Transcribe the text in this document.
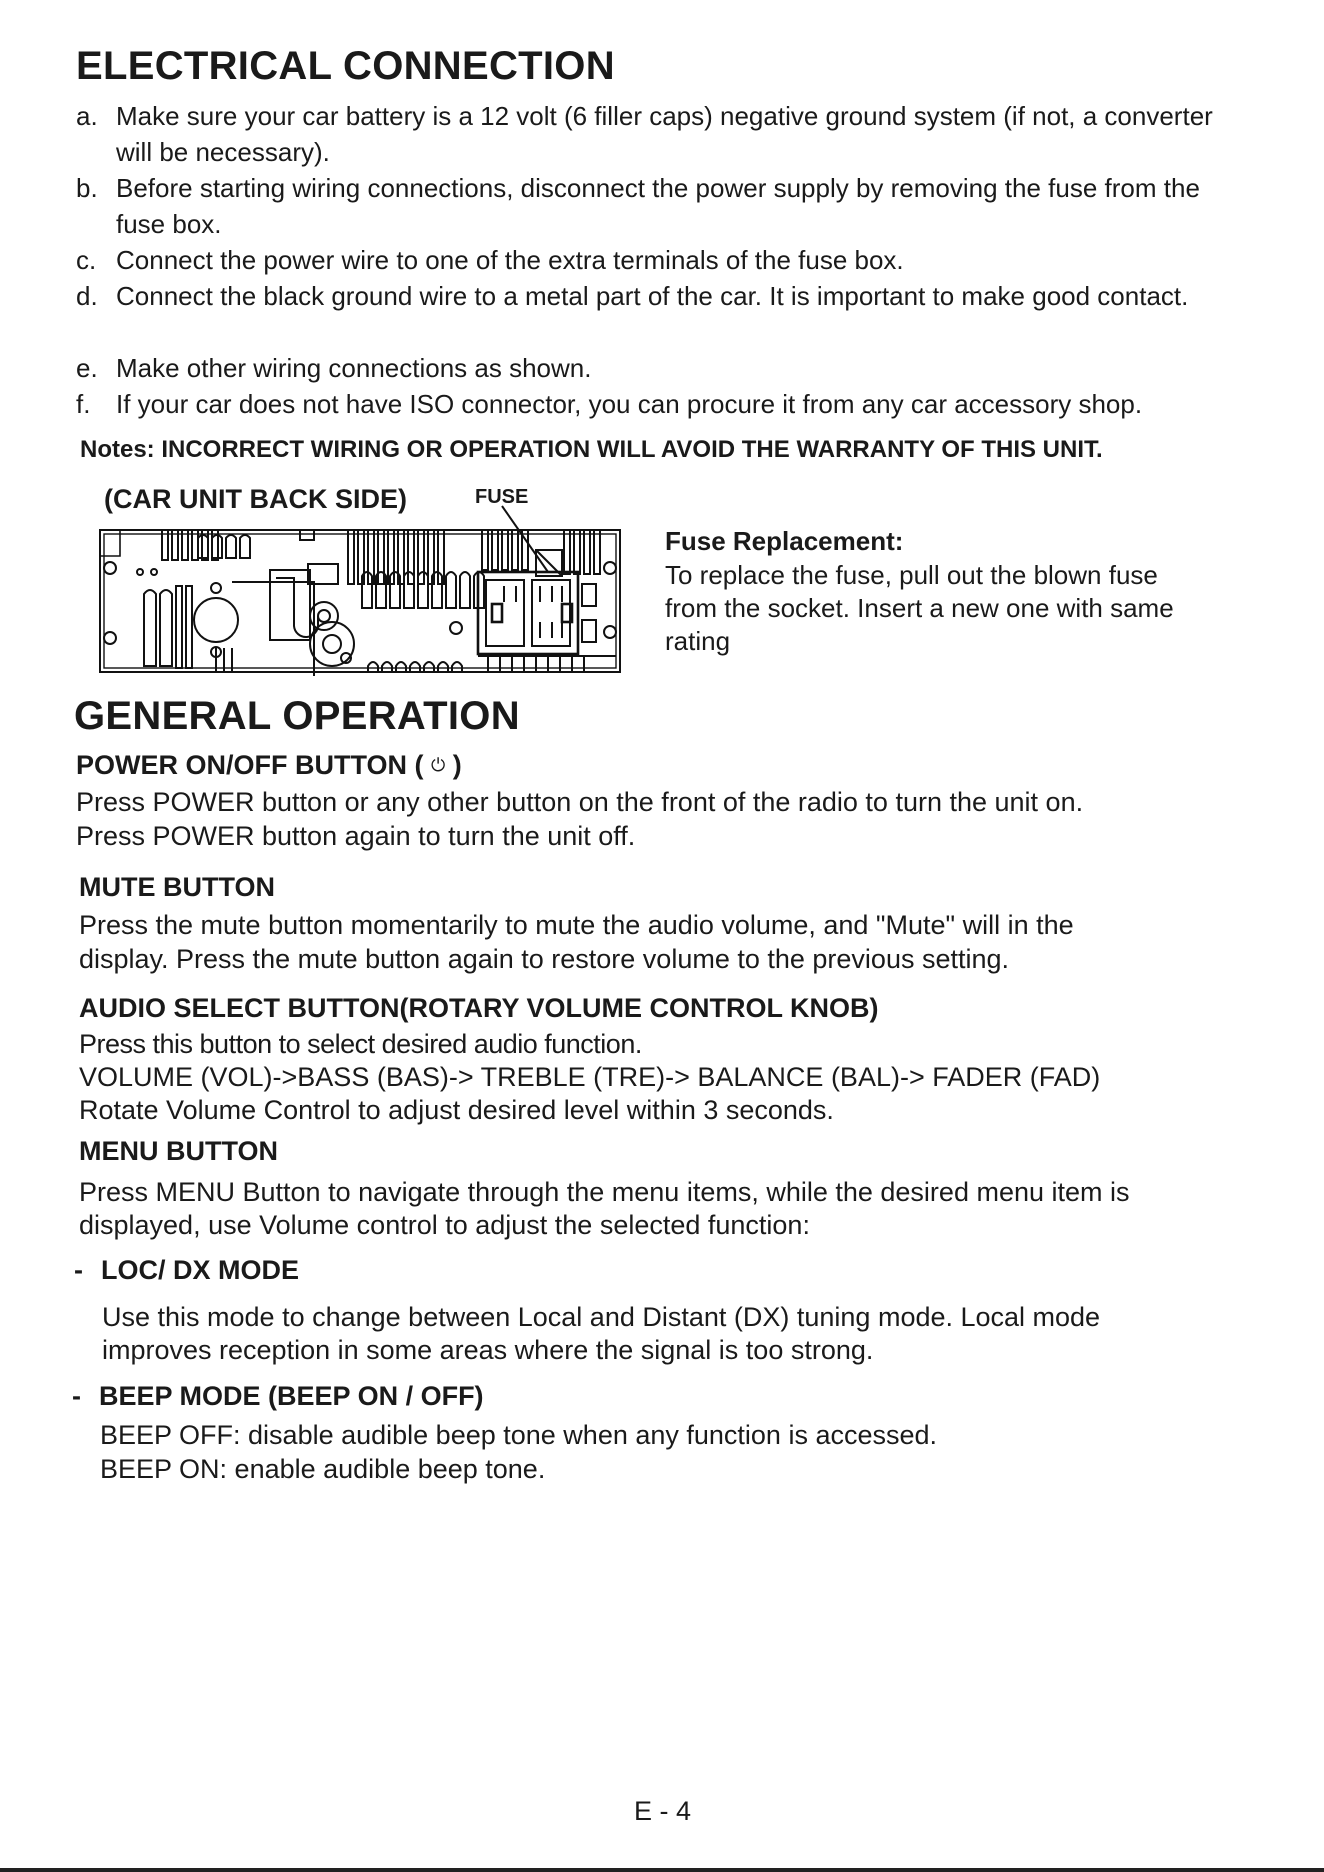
ELECTRICAL CONNECTION
a. Make sure your car battery is a 12 volt (6 filler caps) negative ground system (if not, a converter will be necessary).
b. Before starting wiring connections, disconnect the power supply by removing the fuse from the fuse box.
c. Connect the power wire to one of the extra terminals of the fuse box.
d. Connect the black ground wire to a metal part of the car. It is important to make good contact.
e. Make other wiring connections as shown.
f. If your car does not have ISO connector, you can procure it from any car accessory shop.
Notes: INCORRECT WIRING OR OPERATION WILL AVOID THE WARRANTY OF THIS UNIT.
(CAR UNIT BACK SIDE)	FUSE
Fuse Replacement:
To replace the fuse, pull out the blown fuse
from the socket. Insert a new one with same
rating
GENERAL OPERATION
POWER ON/OFF BUTTON ( ⏻ )
Press POWER button or any other button on the front of the radio to turn the unit on.
Press POWER button again to turn the unit off.
MUTE BUTTON
Press the mute button momentarily to mute the audio volume, and "Mute" will in the
display. Press the mute button again to restore volume to the previous setting.
AUDIO SELECT BUTTON(ROTARY VOLUME CONTROL KNOB)
Press this button to select desired audio function.
VOLUME (VOL)->BASS (BAS)-> TREBLE (TRE)-> BALANCE (BAL)-> FADER (FAD)
Rotate Volume Control to adjust desired level within 3 seconds.
MENU BUTTON
Press MENU Button to navigate through the menu items, while the desired menu item is
displayed, use Volume control to adjust the selected function:
- LOC/ DX MODE
Use this mode to change between Local and Distant (DX) tuning mode. Local mode
improves reception in some areas where the signal is too strong.
- BEEP MODE (BEEP ON / OFF)
BEEP OFF: disable audible beep tone when any function is accessed.
BEEP ON: enable audible beep tone.
E - 4
